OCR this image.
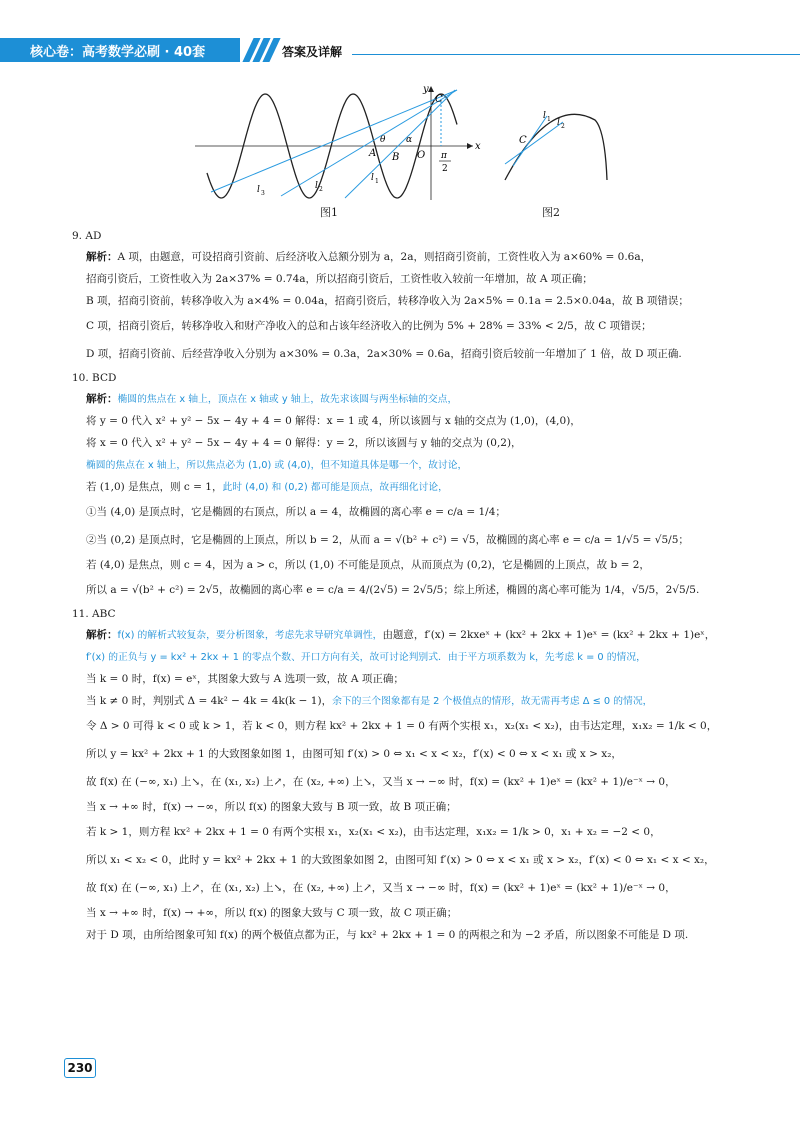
核心卷：高考数学必刷 · 40套	答案及详解
y
x
C
A B O
θ α
π
2
l 1
l 2
l 3
C
l 1 l 2
图1	图2
9. AD
解析：A 项，由题意，可设招商引资前、后经济收入总额分别为 a，2a，则招商引资前，工资性收入为 a×60% = 0.6a，
招商引资后，工资性收入为 2a×37% = 0.74a，所以招商引资后，工资性收入较前一年增加，故 A 项正确；
B 项，招商引资前，转移净收入为 a×4% = 0.04a，招商引资后，转移净收入为 2a×5% = 0.1a = 2.5×0.04a，故 B 项错误；
C 项，招商引资后，转移净收入和财产净收入的总和占该年经济收入的比例为 5% + 28% = 33% < 2/5，故 C 项错误；
D 项，招商引资前、后经营净收入分别为 a×30% = 0.3a，2a×30% = 0.6a，招商引资后较前一年增加了 1 倍，故 D 项正确.
10. BCD
解析：椭圆的焦点在 x 轴上，顶点在 x 轴或 y 轴上，故先求该圆与两坐标轴的交点，
将 y = 0 代入 x² + y² − 5x − 4y + 4 = 0 解得：x = 1 或 4，所以该圆与 x 轴的交点为 (1,0)，(4,0)，
将 x = 0 代入 x² + y² − 5x − 4y + 4 = 0 解得：y = 2，所以该圆与 y 轴的交点为 (0,2)，
椭圆的焦点在 x 轴上，所以焦点必为 (1,0) 或 (4,0)，但不知道具体是哪一个，故讨论，
若 (1,0) 是焦点，则 c = 1，此时 (4,0) 和 (0,2) 都可能是顶点，故再细化讨论，
①当 (4,0) 是顶点时，它是椭圆的右顶点，所以 a = 4，故椭圆的离心率 e = c/a = 1/4；
②当 (0,2) 是顶点时，它是椭圆的上顶点，所以 b = 2，从而 a = √(b² + c²) = √5，故椭圆的离心率 e = c/a = 1/√5 = √5/5；
若 (4,0) 是焦点，则 c = 4，因为 a > c，所以 (1,0) 不可能是顶点，从而顶点为 (0,2)，它是椭圆的上顶点，故 b = 2，
所以 a = √(b² + c²) = 2√5，故椭圆的离心率 e = c/a = 4/(2√5) = 2√5/5；综上所述，椭圆的离心率可能为 1/4，√5/5，2√5/5.
11. ABC
解析：f(x) 的解析式较复杂，要分析图象，考虑先求导研究单调性，由题意，f′(x) = 2kxeˣ + (kx² + 2kx + 1)eˣ = (kx² + 2kx + 1)eˣ，
f′(x) 的正负与 y = kx² + 2kx + 1 的零点个数、开口方向有关，故可讨论判别式．由于平方项系数为 k，先考虑 k = 0 的情况，
当 k = 0 时，f(x) = eˣ，其图象大致与 A 选项一致，故 A 项正确；
当 k ≠ 0 时，判别式 Δ = 4k² − 4k = 4k(k − 1)，余下的三个图象都有是 2 个极值点的情形，故无需再考虑 Δ ≤ 0 的情况，
令 Δ > 0 可得 k < 0 或 k > 1，若 k < 0，则方程 kx² + 2kx + 1 = 0 有两个实根 x₁，x₂(x₁ < x₂)，由韦达定理，x₁x₂ = 1/k < 0，
所以 y = kx² + 2kx + 1 的大致图象如图 1，由图可知 f′(x) > 0 ⇔ x₁ < x < x₂，f′(x) < 0 ⇔ x < x₁ 或 x > x₂，
故 f(x) 在 (−∞, x₁) 上↘，在 (x₁, x₂) 上↗，在 (x₂, +∞) 上↘，又当 x → −∞ 时，f(x) = (kx² + 1)eˣ = (kx² + 1)/e⁻ˣ → 0，
当 x → +∞ 时，f(x) → −∞，所以 f(x) 的图象大致与 B 项一致，故 B 项正确；
若 k > 1，则方程 kx² + 2kx + 1 = 0 有两个实根 x₁，x₂(x₁ < x₂)，由韦达定理，x₁x₂ = 1/k > 0，x₁ + x₂ = −2 < 0，
所以 x₁ < x₂ < 0，此时 y = kx² + 2kx + 1 的大致图象如图 2，由图可知 f′(x) > 0 ⇔ x < x₁ 或 x > x₂，f′(x) < 0 ⇔ x₁ < x < x₂，
故 f(x) 在 (−∞, x₁) 上↗，在 (x₁, x₂) 上↘，在 (x₂, +∞) 上↗，又当 x → −∞ 时，f(x) = (kx² + 1)eˣ = (kx² + 1)/e⁻ˣ → 0，
当 x → +∞ 时，f(x) → +∞，所以 f(x) 的图象大致与 C 项一致，故 C 项正确；
对于 D 项，由所给图象可知 f(x) 的两个极值点都为正，与 kx² + 2kx + 1 = 0 的两根之和为 −2 矛盾，所以图象不可能是 D 项.
230
